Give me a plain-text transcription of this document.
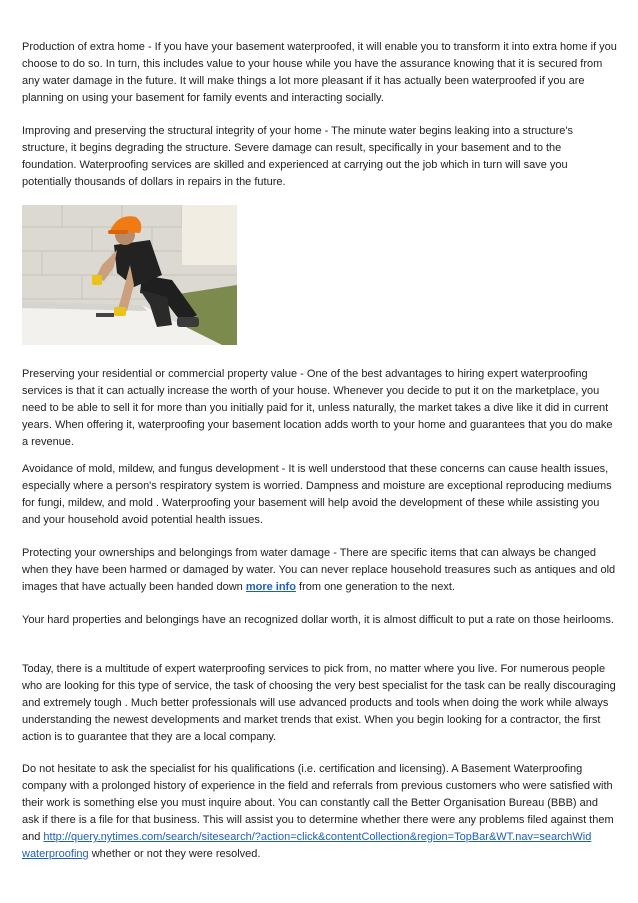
Production of extra home - If you have your basement waterproofed, it will enable you to transform it into extra home if you choose to do so. In turn, this includes value to your house while you have the assurance knowing that it is secured from any water damage in the future. It will make things a lot more pleasant if it has actually been waterproofed if you are planning on using your basement for family events and interacting socially.

Improving and preserving the structural integrity of your home - The minute water begins leaking into a structure's structure, it begins degrading the structure. Severe damage can result, specifically in your basement and to the foundation. Waterproofing services are skilled and experienced at carrying out the job which in turn will save you potentially thousands of dollars in repairs in the future.

Preserving your residential or commercial property value - One of the best advantages to hiring expert waterproofing services is that it can actually increase the worth of your house. Whenever you decide to put it on the marketplace, you need to be able to sell it for more than you initially paid for it, unless naturally, the market takes a dive like it did in current years. When offering it, waterproofing your basement location adds worth to your home and guarantees that you do make a revenue.

Avoidance of mold, mildew, and fungus development - It is well understood that these concerns can cause health issues, especially where a person's respiratory system is worried. Dampness and moisture are exceptional reproducing mediums for fungi, mildew, and mold . Waterproofing your basement will help avoid the development of these while assisting you and your household avoid potential health issues.

Protecting your ownerships and belongings from water damage - There are specific items that can always be changed when they have been harmed or damaged by water. You can never replace household treasures such as antiques and old images that have actually been handed down more info from one generation to the next.

Your hard properties and belongings have an recognized dollar worth, it is almost difficult to put a rate on those heirlooms.

Today, there is a multitude of expert waterproofing services to pick from, no matter where you live. For numerous people who are looking for this type of service, the task of choosing the very best specialist for the task can be really discouraging and extremely tough . Much better professionals will use advanced products and tools when doing the work while always understanding the newest developments and market trends that exist. When you begin looking for a contractor, the first action is to guarantee that they are a local company.

Do not hesitate to ask the specialist for his qualifications (i.e. certification and licensing). A Basement Waterproofing company with a prolonged history of experience in the field and referrals from previous customers who were satisfied with their work is something else you must inquire about. You can constantly call the Better Organisation Bureau (BBB) and ask if there is a file for that business. This will assist you to determine whether there were any problems filed against them and http://query.nytimes.com/search/sitesearch/?action=click&contentCollection&region=TopBar&WT.nav=searchWid
waterproofing whether or not they were resolved.
